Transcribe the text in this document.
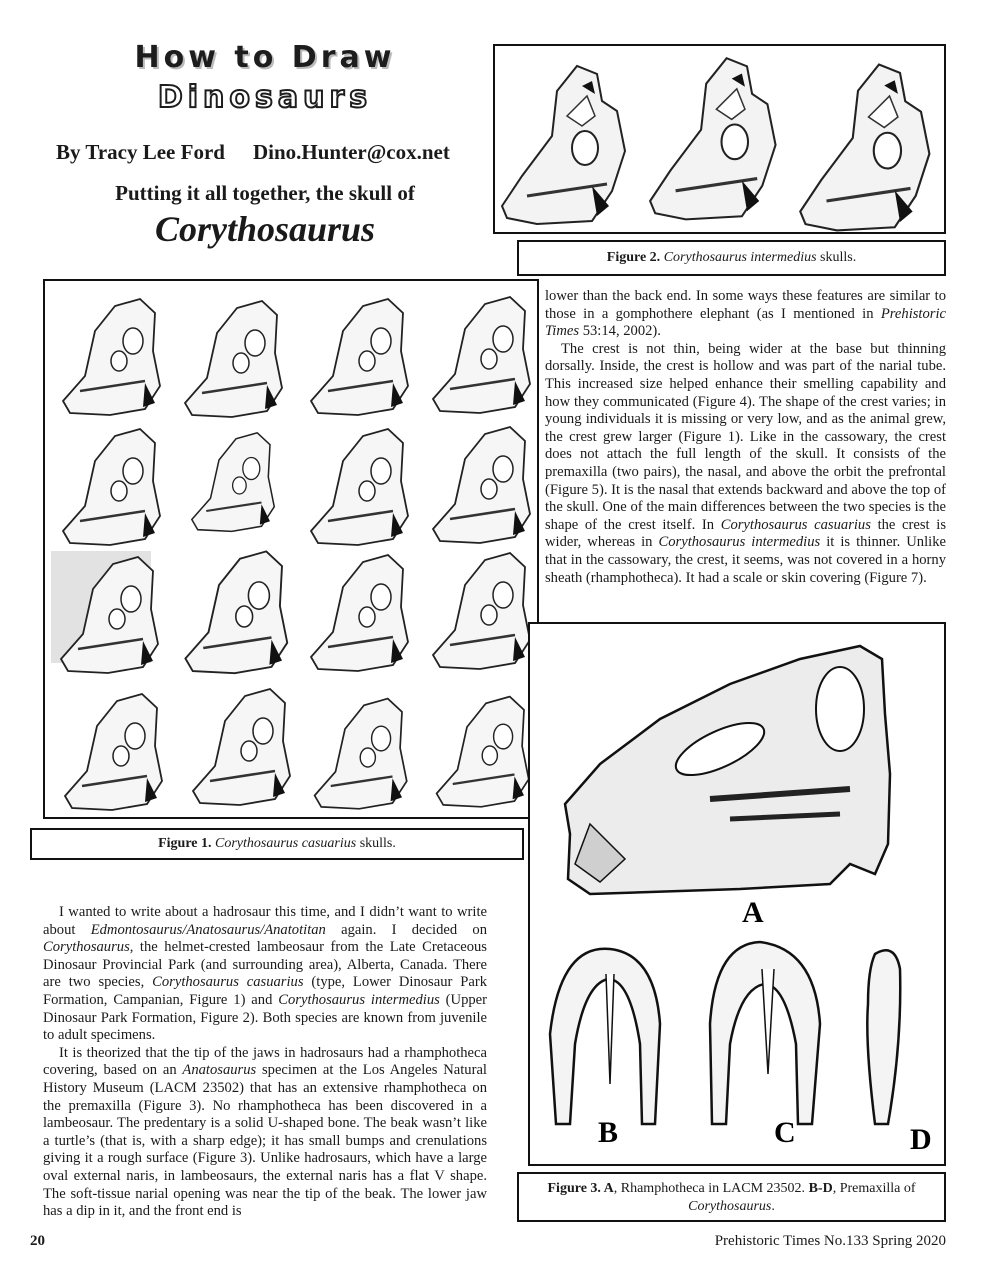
How to Draw
Dinosaurs
By Tracy Lee Ford Dino.Hunter@cox.net
Putting it all together, the skull of
Corythosaurus
Figure 2. Corythosaurus intermedius skulls.
Figure 1. Corythosaurus casuarius skulls.

lower than the back end. In some ways these features are similar to those in a gomphothere elephant (as I mentioned in Prehistoric Times 53:14, 2002).

The crest is not thin, being wider at the base but thinning dorsally. Inside, the crest is hollow and was part of the narial tube. This increased size helped enhance their smelling capability and how they communicated (Figure 4). The shape of the crest varies; in young individuals it is missing or very low, and as the animal grew, the crest grew larger (Figure 1). Like in the cassowary, the crest does not attach the full length of the skull. It consists of the premaxilla (two pairs), the nasal, and above the orbit the prefrontal (Figure 5). It is the nasal that extends backward and above the top of the skull. One of the main differences between the two species is the shape of the crest itself. In Corythosaurus casuarius the crest is wider, whereas in Corythosaurus intermedius it is thinner. Unlike that in the cassowary, the crest, it seems, was not covered in a horny sheath (rhamphotheca). It had a scale or skin covering (Figure 7).

A
B	C	D
Figure 3. A, Rhamphotheca in LACM 23502. B-D, Premaxilla of
Corythosaurus.

I wanted to write about a hadrosaur this time, and I didn’t want to write about Edmontosaurus/Anatosaurus/Anatotitan again. I decided on Corythosaurus, the helmet-crested lambeosaur from the Late Cretaceous Dinosaur Provincial Park (and surrounding area), Alberta, Canada. There are two species, Corythosaurus casuarius (type, Lower Dinosaur Park Formation, Campanian, Figure 1) and Corythosaurus intermedius (Upper Dinosaur Park Formation, Figure 2). Both species are known from juvenile to adult specimens.

It is theorized that the tip of the jaws in hadrosaurs had a rhamphotheca covering, based on an Anatosaurus specimen at the Los Angeles Natural History Museum (LACM 23502) that has an extensive rhamphotheca on the premaxilla (Figure 3). No rhamphotheca has been discovered in a lambeosaur. The predentary is a solid U-shaped bone. The beak wasn’t like a turtle’s (that is, with a sharp edge); it has small bumps and crenulations giving it a rough surface (Figure 3). Unlike hadrosaurs, which have a large oval external naris, in lambeosaurs, the external naris has a flat V shape. The soft-tissue narial opening was near the tip of the beak. The lower jaw has a dip in it, and the front end is

20	Prehistoric Times No.133 Spring 2020
